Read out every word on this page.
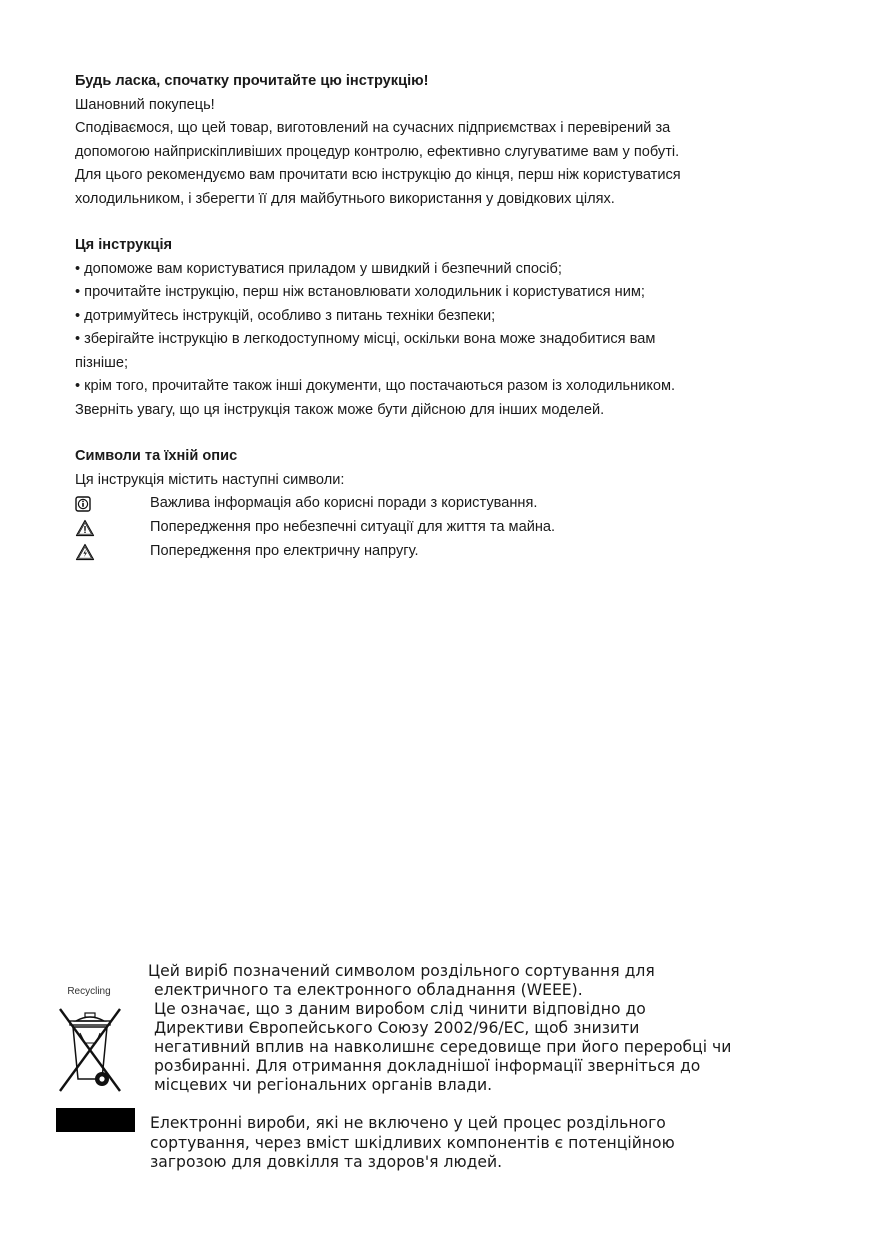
Будь ласка, спочатку прочитайте цю інструкцію!

Шановний покупець!

Сподіваємося, що цей товар, виготовлений на сучасних підприємствах і перевірений за

допомогою найприскіпливіших процедур контролю, ефективно слугуватиме вам у побуті.

Для цього рекомендуємо вам прочитати всю інструкцію до кінця, перш ніж користуватися

холодильником, і зберегти її для майбутнього використання у довідкових цілях.

Ця інструкція

• допоможе вам користуватися приладом у швидкий і безпечний спосіб;

• прочитайте інструкцію, перш ніж встановлювати холодильник і користуватися ним;

• дотримуйтесь інструкцій, особливо з питань техніки безпеки;

• зберігайте інструкцію в легкодоступному місці, оскільки вона може знадобитися вам

пізніше;

• крім того, прочитайте також інші документи, що постачаються разом із холодильником.

Зверніть увагу, що ця інструкція також може бути дійсною для інших моделей.

Символи та їхній опис

Ця інструкція містить наступні символи:

Важлива інформація або корисні поради з користування.
Попередження про небезпечні ситуації для життя та майна.
Попередження про електричну напругу.
Recycling

Цей виріб позначений символом роздільного сортування для

електричного та електронного обладнання (WEEE).

Це означає, що з даним виробом слід чинити відповідно до

Директиви Європейського Союзу 2002/96/ЕС, щоб знизити

негативний вплив на навколишнє середовище при його переробці чи

розбиранні. Для отримання докладнішої інформації зверніться до

місцевих чи регіональних органів влади.

Електронні вироби, які не включено у цей процес роздільного

сортування, через вміст шкідливих компонентів є потенційною

загрозою для довкілля та здоров'я людей.
